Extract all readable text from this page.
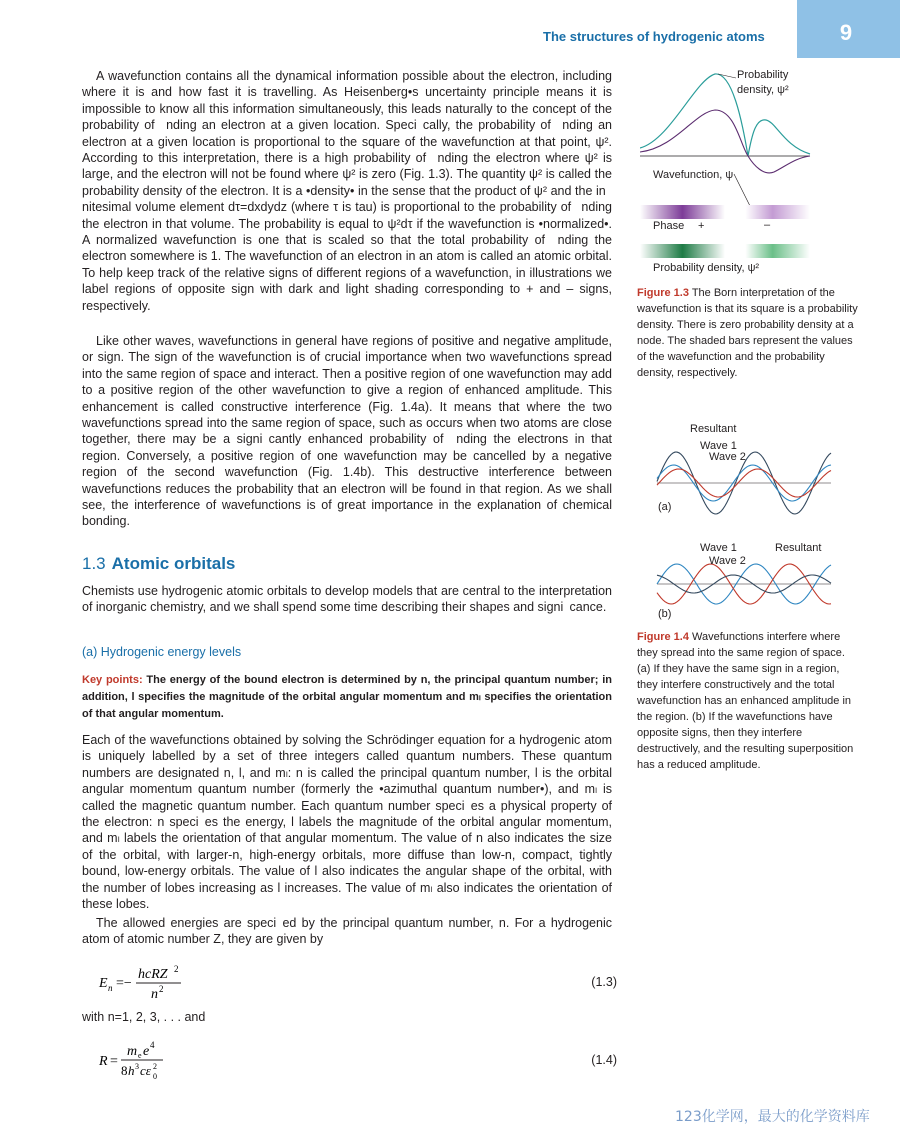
9
The structures of hydrogenic atoms

A wavefunction contains all the dynamical information possible about the electron, including where it is and how fast it is travelling. As Heisenberg•s uncertainty principle means it is impossible to know all this information simultaneously, this leads naturally to the concept of the probability of  nding an electron at a given location. Speci cally, the probability of  nding an electron at a given location is proportional to the square of the wavefunction at that point, ψ². According to this interpretation, there is a high probability of  nding the electron where ψ² is large, and the electron will not be found where ψ² is zero (Fig. 1.3). The quantity ψ² is called the probability density of the electron. It is a •density• in the sense that the product of ψ² and the in nitesimal volume element dτ=dxdydz (where τ is tau) is proportional to the probability of  nding the electron in that volume. The probability is equal to ψ²dτ if the wavefunction is •normalized•. A normalized wavefunction is one that is scaled so that the total probability of  nding the electron somewhere is 1. The wavefunction of an electron in an atom is called an atomic orbital. To help keep track of the relative signs of different regions of a wavefunction, in illustrations we label regions of opposite sign with dark and light shading corresponding to + and – signs, respectively.

Like other waves, wavefunctions in general have regions of positive and negative amplitude, or sign. The sign of the wavefunction is of crucial importance when two wavefunctions spread into the same region of space and interact. Then a positive region of one wavefunction may add to a positive region of the other wavefunction to give a region of enhanced amplitude. This enhancement is called constructive interference (Fig. 1.4a). It means that where the two wavefunctions spread into the same region of space, such as occurs when two atoms are close together, there may be a signi cantly enhanced probability of  nding the electrons in that region. Conversely, a positive region of one wavefunction may be cancelled by a negative region of the second wavefunction (Fig. 1.4b). This destructive interference between wavefunctions reduces the probability that an electron will be found in that region. As we shall see, the interference of wavefunctions is of great importance in the explanation of chemical bonding.

1.3 Atomic orbitals

Chemists use hydrogenic atomic orbitals to develop models that are central to the interpretation of inorganic chemistry, and we shall spend some time describing their shapes and signi cance.

(a) Hydrogenic energy levels

Key points: The energy of the bound electron is determined by n, the principal quantum number; in addition, l specifies the magnitude of the orbital angular momentum and mₗ specifies the orientation of that angular momentum.

Each of the wavefunctions obtained by solving the Schrödinger equation for a hydrogenic atom is uniquely labelled by a set of three integers called quantum numbers. These quantum numbers are designated n, l, and mₗ: n is called the principal quantum number, l is the orbital angular momentum quantum number (formerly the •azimuthal quantum number•), and mₗ is called the magnetic quantum number. Each quantum number speci es a physical property of the electron: n speci es the energy, l labels the magnitude of the orbital angular momentum, and mₗ labels the orientation of that angular momentum. The value of n also indicates the size of the orbital, with larger-n, high-energy orbitals, more diffuse than low-n, compact, tightly bound, low-energy orbitals. The value of l also indicates the angular shape of the orbital, with the number of lobes increasing as l increases. The value of mₗ also indicates the orientation of these lobes.

The allowed energies are speci ed by the principal quantum number, n. For a hydrogenic atom of atomic number Z, they are given by

E n =−
hcRZ 2
n 2	(1.3)
with n=1, 2, 3, . . . and
R =
m e e 4
8 h 3 cε 2
0
(1.4)
Probability
density, ψ²
Wavefunction, ψ
Phase +	–
Probability density, ψ²

Figure 1.3 The Born interpretation of the wavefunction is that its square is a probability density. There is zero probability density at a node. The shaded bars represent the values of the wavefunction and the probability density, respectively.

Resultant
Wave 1
Wave 2
(a)
Wave 1
Wave 2
Resultant
(b)

Figure 1.4 Wavefunctions interfere where they spread into the same region of space. (a) If they have the same sign in a region, they interfere constructively and the total wavefunction has an enhanced amplitude in the region. (b) If the wavefunctions have opposite signs, then they interfere destructively, and the resulting superposition has a reduced amplitude.

123化学网，最大的化学资料库
